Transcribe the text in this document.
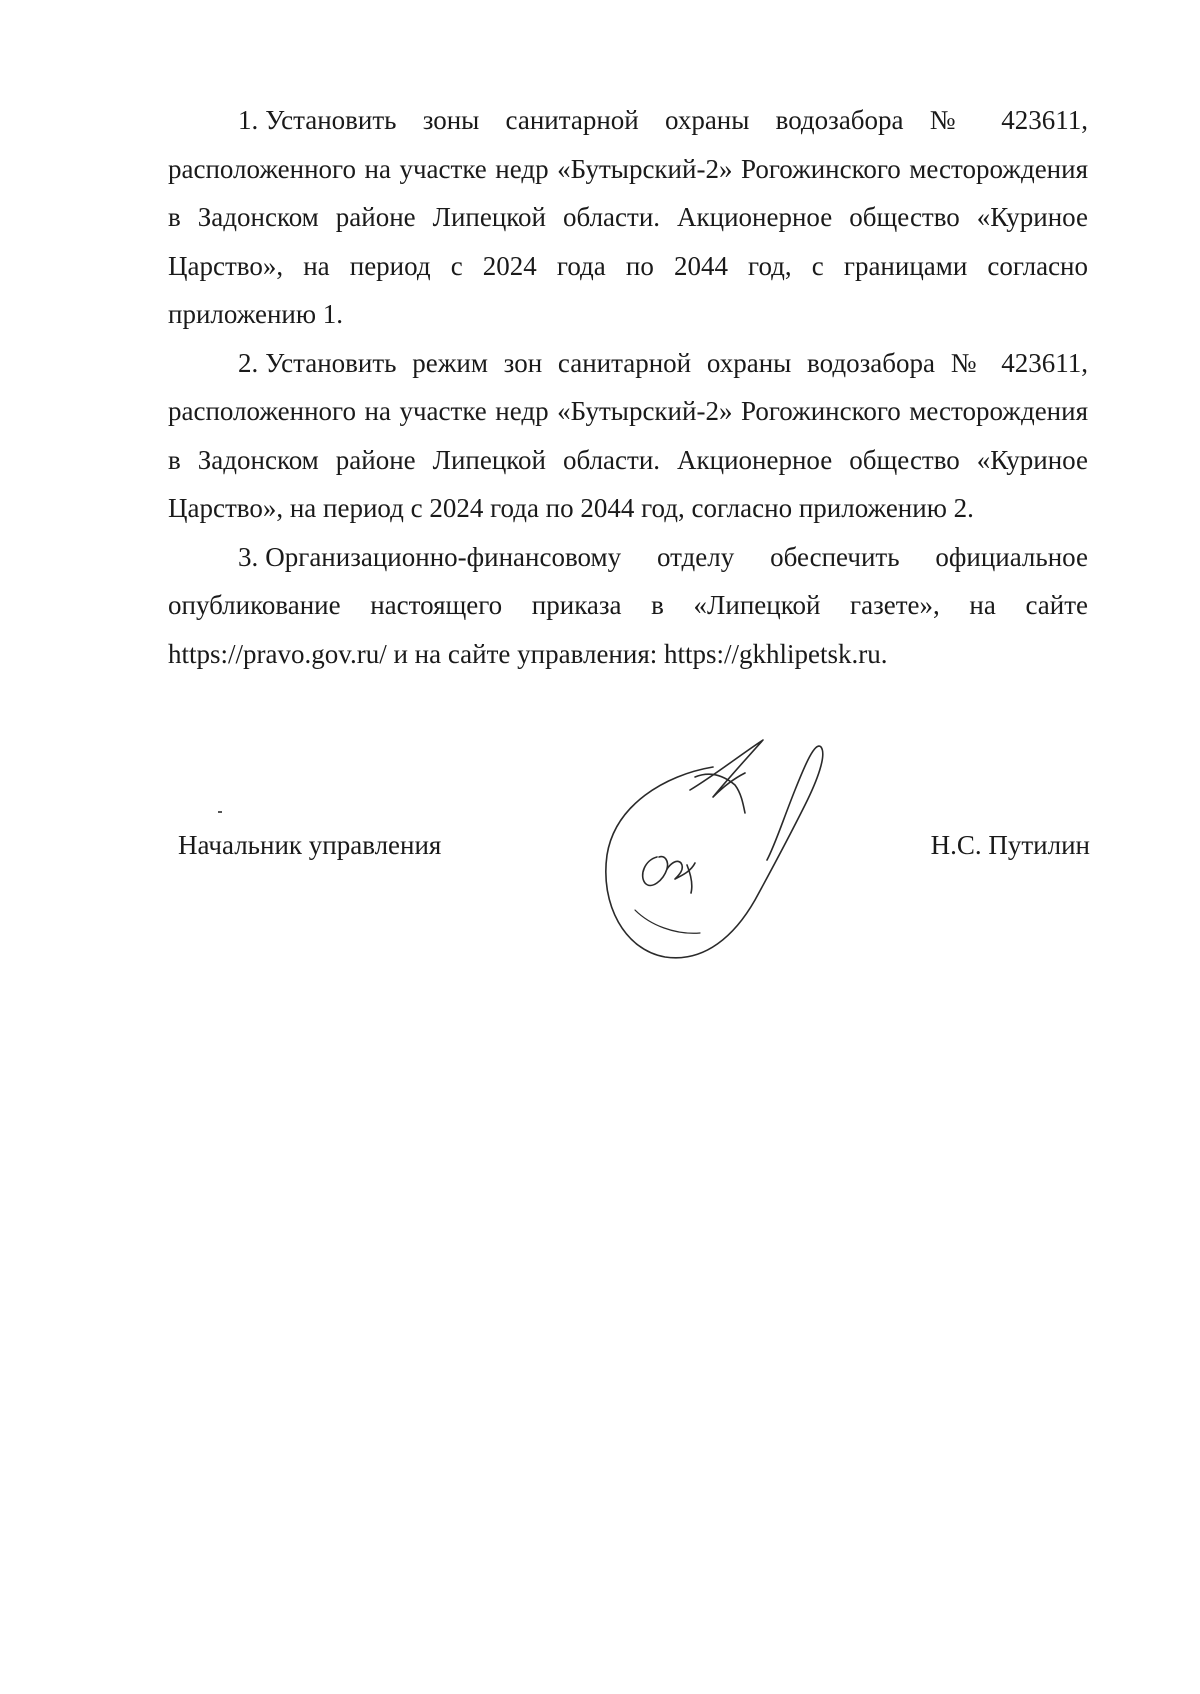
1. Установить зоны санитарной охраны водозабора № 423611, расположенного на участке недр «Бутырский-2» Рогожинского месторождения в Задонском районе Липецкой области. Акционерное общество «Куриное Царство», на период с 2024 года по 2044 год, с границами согласно приложению 1.

2. Установить режим зон санитарной охраны водозабора № 423611, расположенного на участке недр «Бутырский-2» Рогожинского месторождения в Задонском районе Липецкой области. Акционерное общество «Куриное Царство», на период с 2024 года по 2044 год, согласно приложению 2.

3. Организационно-финансовому отделу обеспечить официальное опубликование настоящего приказа в «Липецкой газете», на сайте https://pravo.gov.ru/ и на сайте управления: https://gkhlipetsk.ru.

Начальник управления	Н.С. Путилин
